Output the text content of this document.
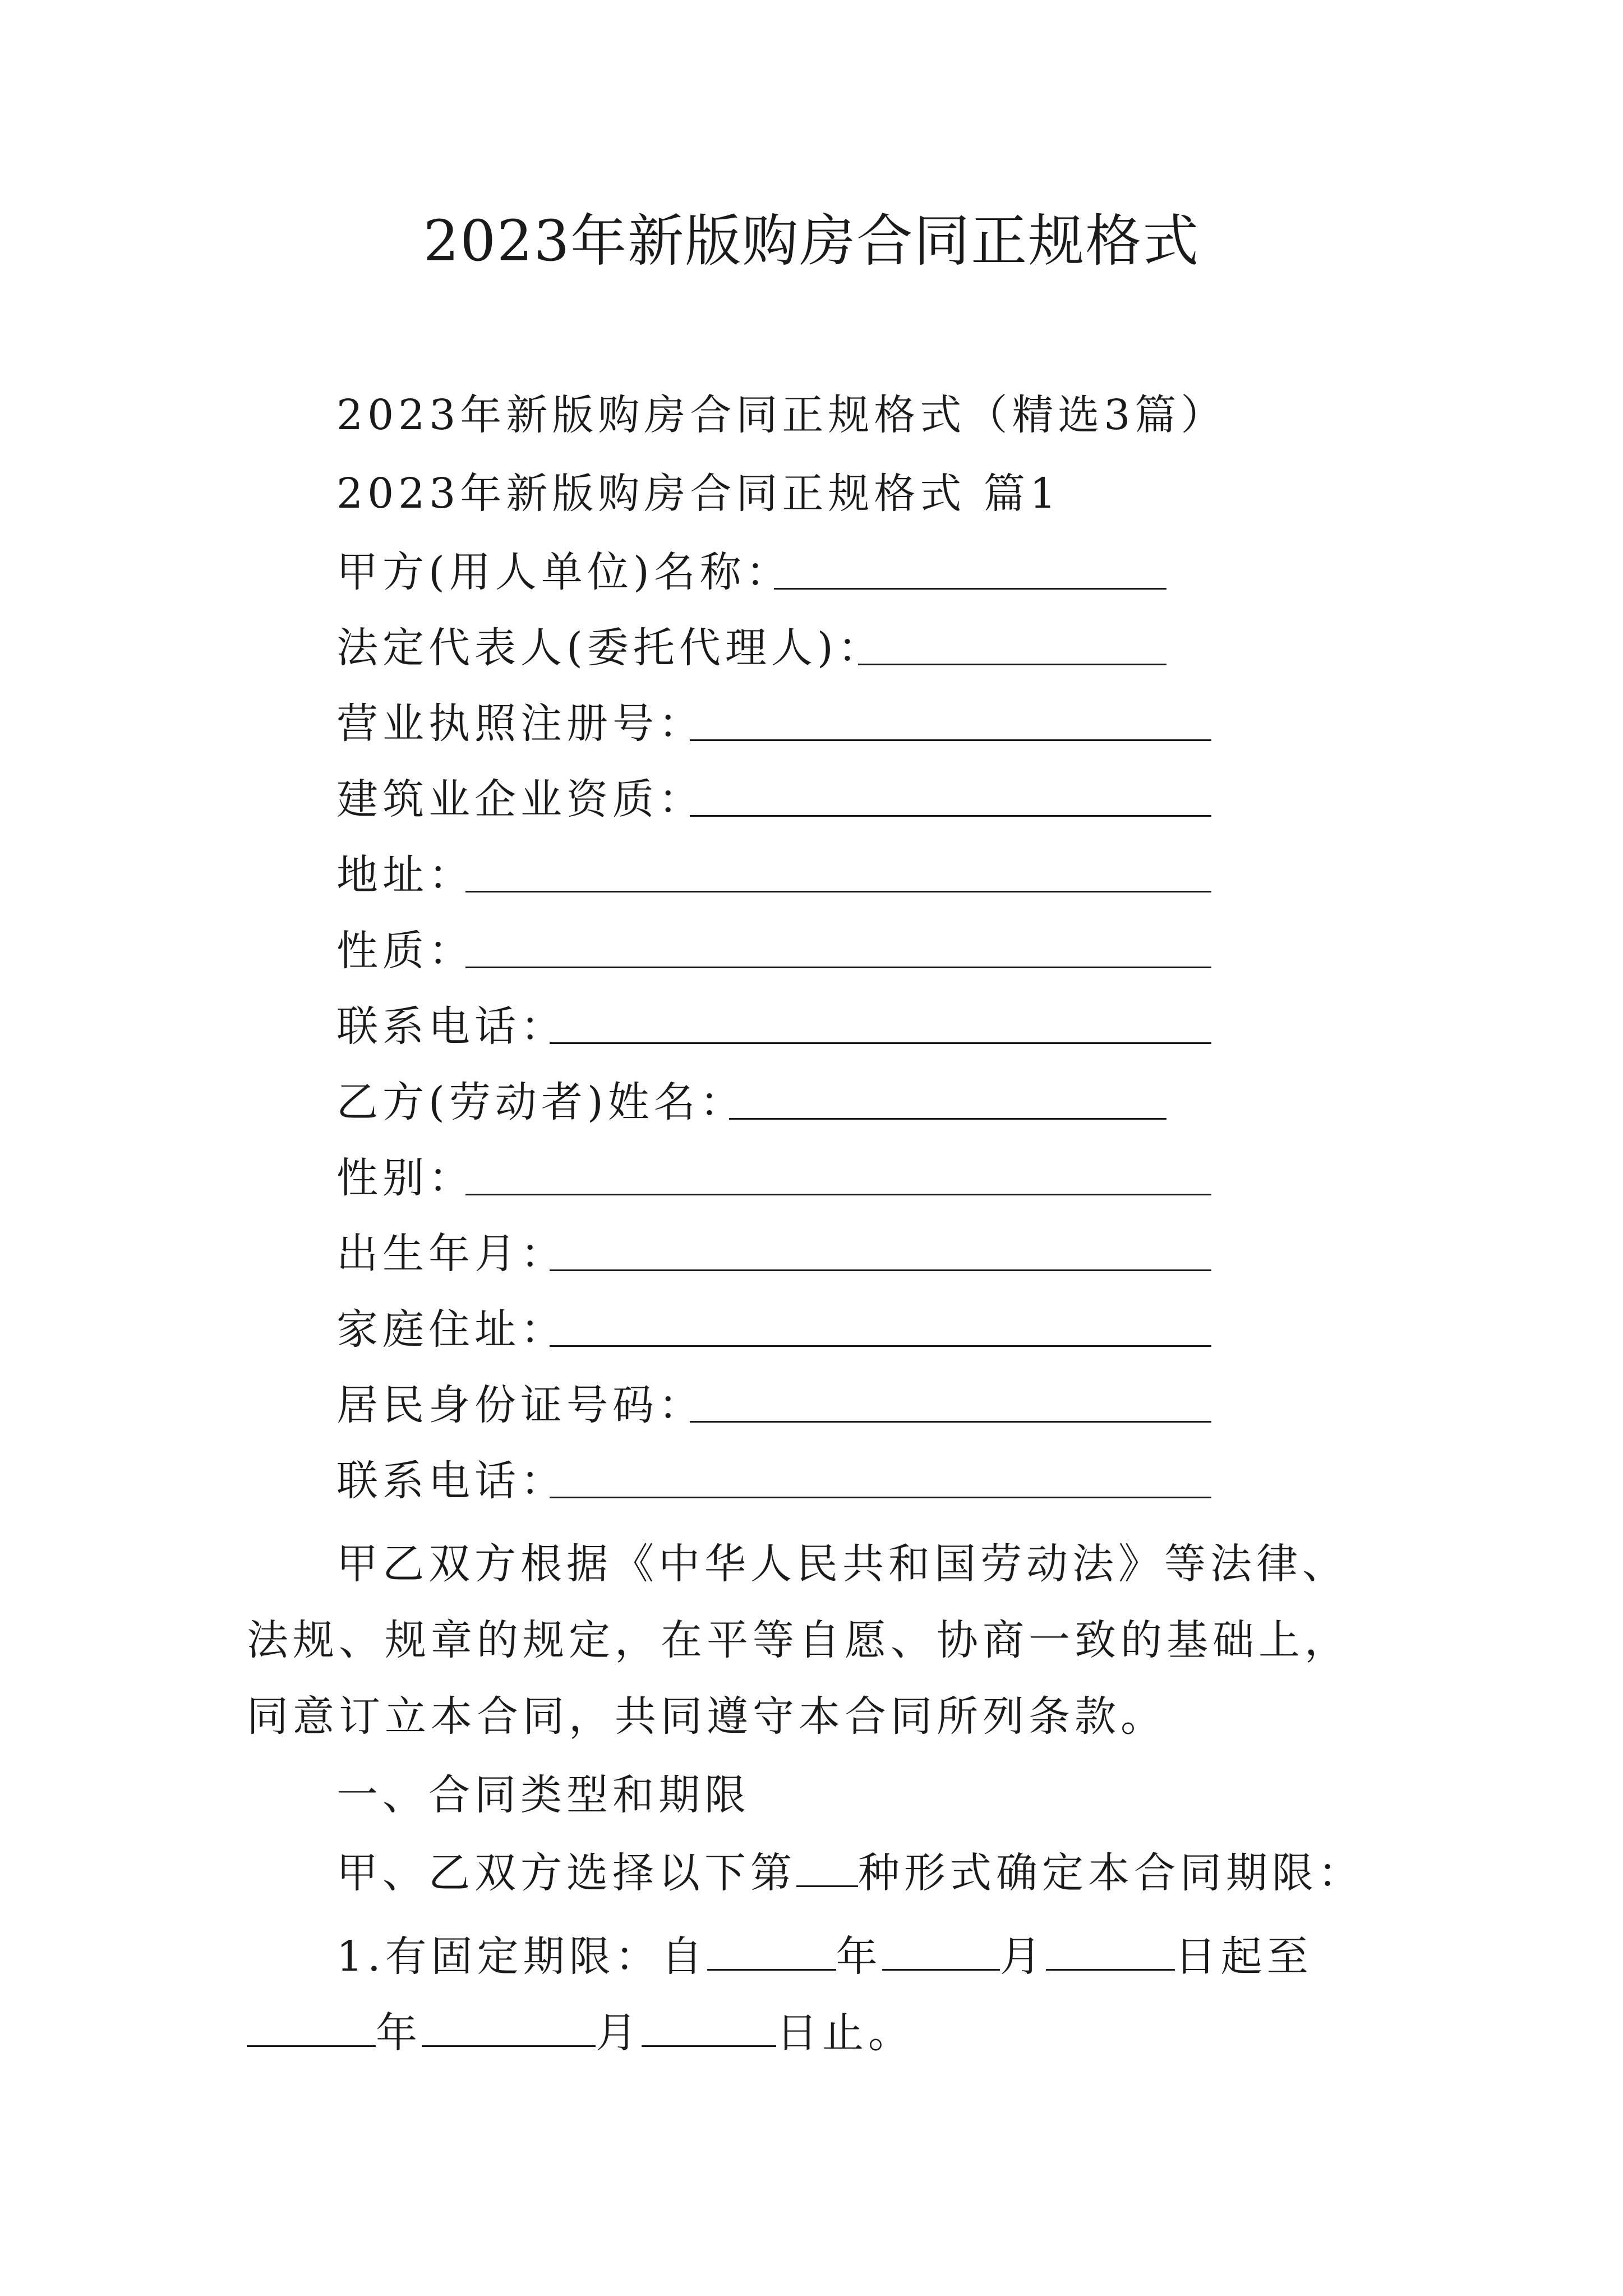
2023年新版购房合同正规格式
2023年新版购房合同正规格式（精选3篇）
2023年新版购房合同正规格式 篇1
甲方(用人单位)名称：
法定代表人(委托代理人)：
营业执照注册号：
建筑业企业资质：
地址：
性质：
联系电话：
乙方(劳动者)姓名：
性别：
出生年月：
家庭住址：
居民身份证号码：
联系电话：
甲乙双方根据《中华人民共和国劳动法》等法律、法规、规章的规定，在平等自愿、协商一致的基础上，同意订立本合同，共同遵守本合同所列条款。
一、合同类型和期限
甲、乙双方选择以下第 种形式确定本合同期限：
1.有固定期限：自	年	月	日起至年	月	日止。
